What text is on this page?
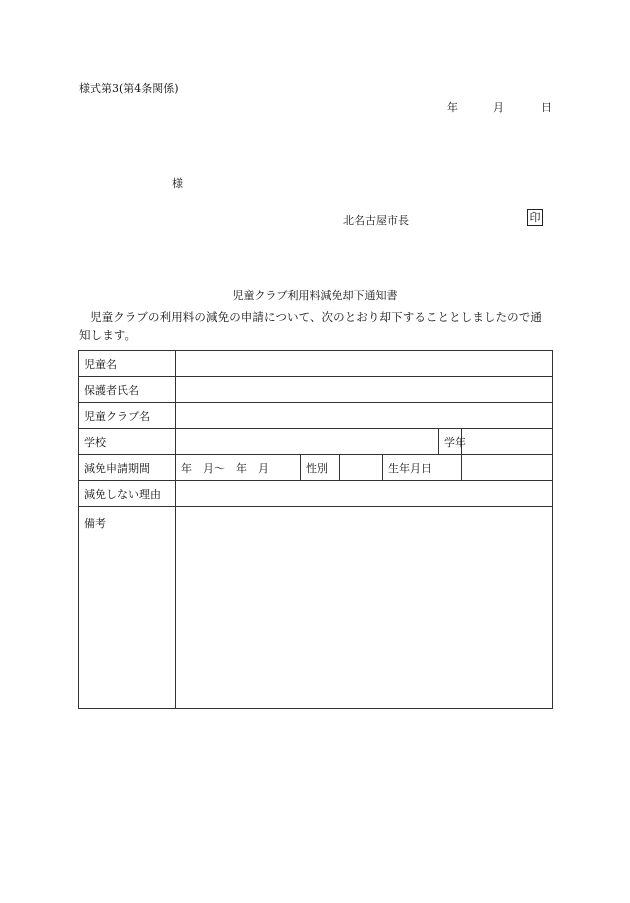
様式第3(第4条関係)
年	月	日
様
北名古屋市長	印
児童クラブ利用料減免却下通知書
児童クラブの利用料の減免の申請について、次のとおり却下することとしましたので通知します。
児童名						
保護者氏名						
児童クラブ名						
学校					学年	
減免申請期間	年　月～　年　月	性別		生年月日		
減免しない理由						
備考						
